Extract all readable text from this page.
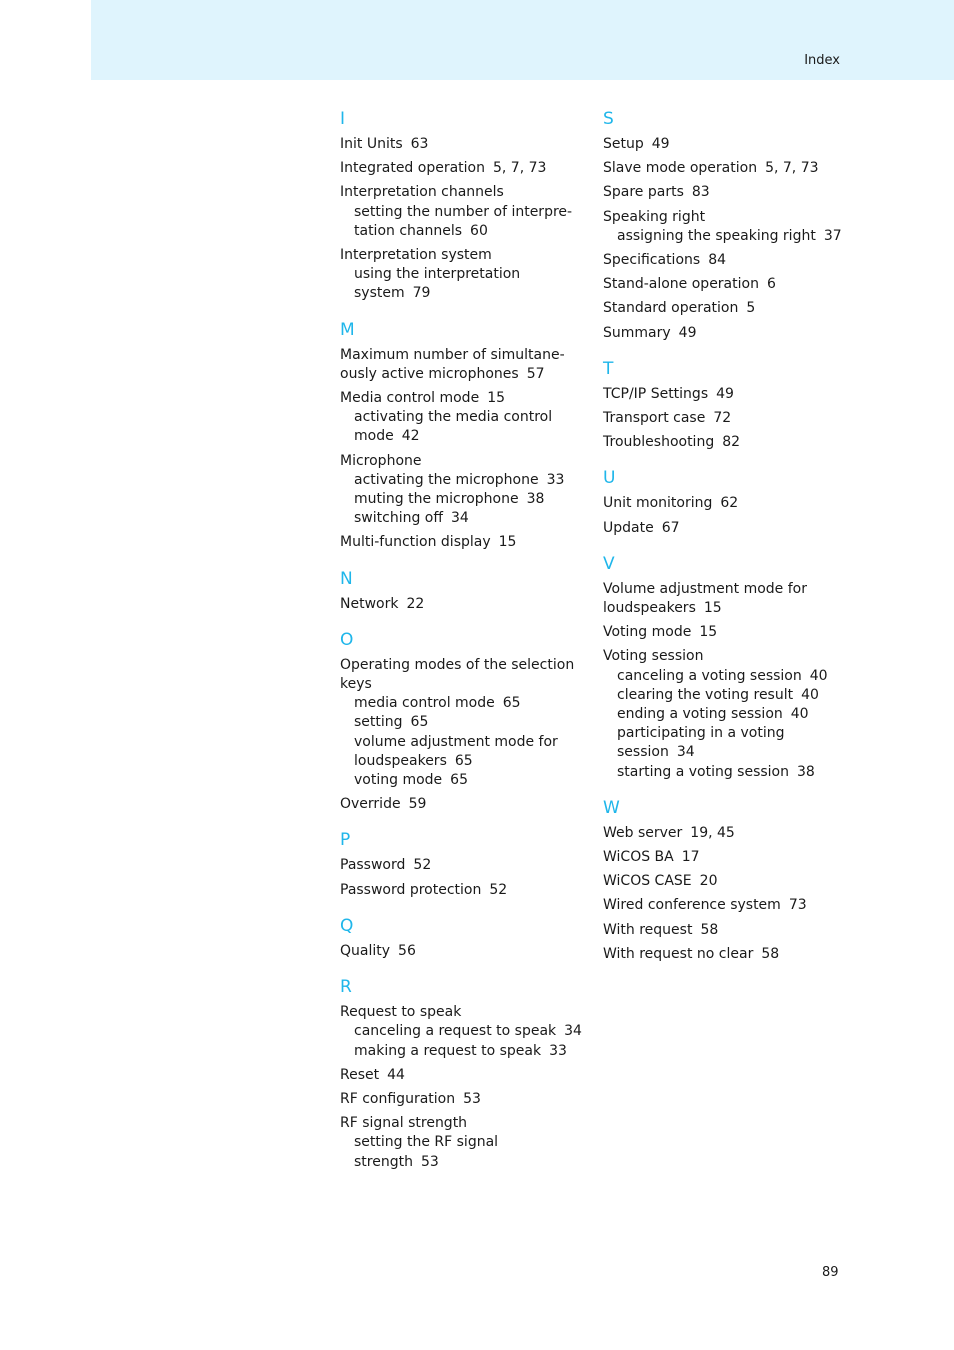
Index
I
Init Units 63
Integrated operation 5, 7, 73
Interpretation channels
setting the number of interpre-
tation channels 60
Interpretation system
using the interpretation
system 79
M
Maximum number of simultane-
ously active microphones 57
Media control mode 15
activating the media control
mode 42
Microphone
activating the microphone 33
muting the microphone 38
switching off 34
Multi-function display 15
N
Network 22
O
Operating modes of the selection
keys
media control mode 65
setting 65
volume adjustment mode for
loudspeakers 65
voting mode 65
Override 59
P
Password 52
Password protection 52
Q
Quality 56
R
Request to speak
canceling a request to speak 34
making a request to speak 33
Reset 44
RF configuration 53
RF signal strength
setting the RF signal
strength 53
S
Setup 49
Slave mode operation 5, 7, 73
Spare parts 83
Speaking right
assigning the speaking right 37
Specifications 84
Stand-alone operation 6
Standard operation 5
Summary 49
T
TCP/IP Settings 49
Transport case 72
Troubleshooting 82
U
Unit monitoring 62
Update 67
V
Volume adjustment mode for
loudspeakers 15
Voting mode 15
Voting session
canceling a voting session 40
clearing the voting result 40
ending a voting session 40
participating in a voting
session 34
starting a voting session 38
W
Web server 19, 45
WiCOS BA 17
WiCOS CASE 20
Wired conference system 73
With request 58
With request no clear 58
89
